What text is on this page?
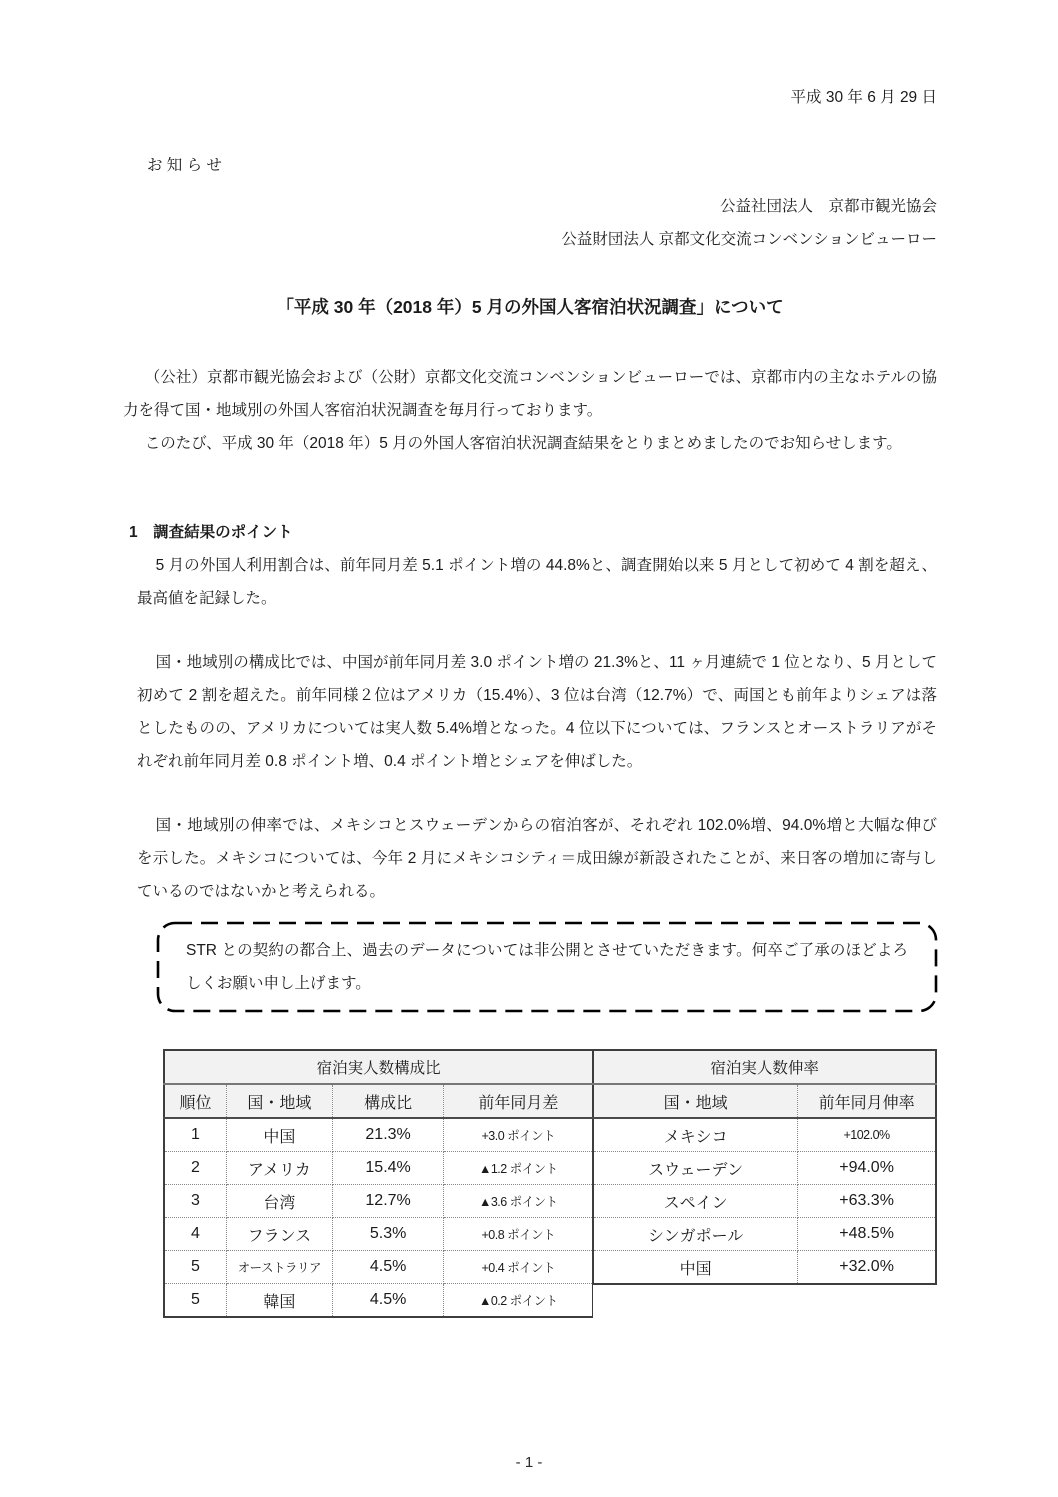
平成 30 年 6 月 29 日
お 知 ら せ
公益社団法人　京都市観光協会
公益財団法人 京都文化交流コンベンションビューロー
「平成 30 年（2018 年）5 月の外国人客宿泊状況調査」について

（公社）京都市観光協会および（公財）京都文化交流コンベンションビューローでは、京都市内の主なホテルの協力を得て国・地域別の外国人客宿泊状況調査を毎月行っております。

このたび、平成 30 年（2018 年）5 月の外国人客宿泊状況調査結果をとりまとめましたのでお知らせします。

1　調査結果のポイント

5 月の外国人利用割合は、前年同月差 5.1 ポイント増の 44.8%と、調査開始以来 5 月として初めて 4 割を超え、最高値を記録した。

国・地域別の構成比では、中国が前年同月差 3.0 ポイント増の 21.3%と、11 ヶ月連続で 1 位となり、5 月として初めて 2 割を超えた。前年同様２位はアメリカ（15.4%）、3 位は台湾（12.7%）で、両国とも前年よりシェアは落としたものの、アメリカについては実人数 5.4%増となった。4 位以下については、フランスとオーストラリアがそれぞれ前年同月差 0.8 ポイント増、0.4 ポイント増とシェアを伸ばした。

国・地域別の伸率では、メキシコとスウェーデンからの宿泊客が、それぞれ 102.0%増、94.0%増と大幅な伸びを示した。メキシコについては、今年 2 月にメキシコシティ＝成田線が新設されたことが、来日客の増加に寄与しているのではないかと考えられる。

STR との契約の都合上、過去のデータについては非公開とさせていただきます。何卒ご了承のほどよろしくお願い申し上げます。

宿泊実人数構成比			
順位	国・地域	構成比	前年同月差
1	中国	21.3%	+3.0 ポイント
2	アメリカ	15.4%	▲1.2 ポイント
3	台湾	12.7%	▲3.6 ポイント
4	フランス	5.3%	+0.8 ポイント
5	オーストラリア	4.5%	+0.4 ポイント
5	韓国	4.5%	▲0.2 ポイント
宿泊実人数伸率	
国・地域	前年同月伸率
メキシコ	+102.0%
スウェーデン	+94.0%
スペイン	+63.3%
シンガポール	+48.5%
中国	+32.0%
- 1 -
